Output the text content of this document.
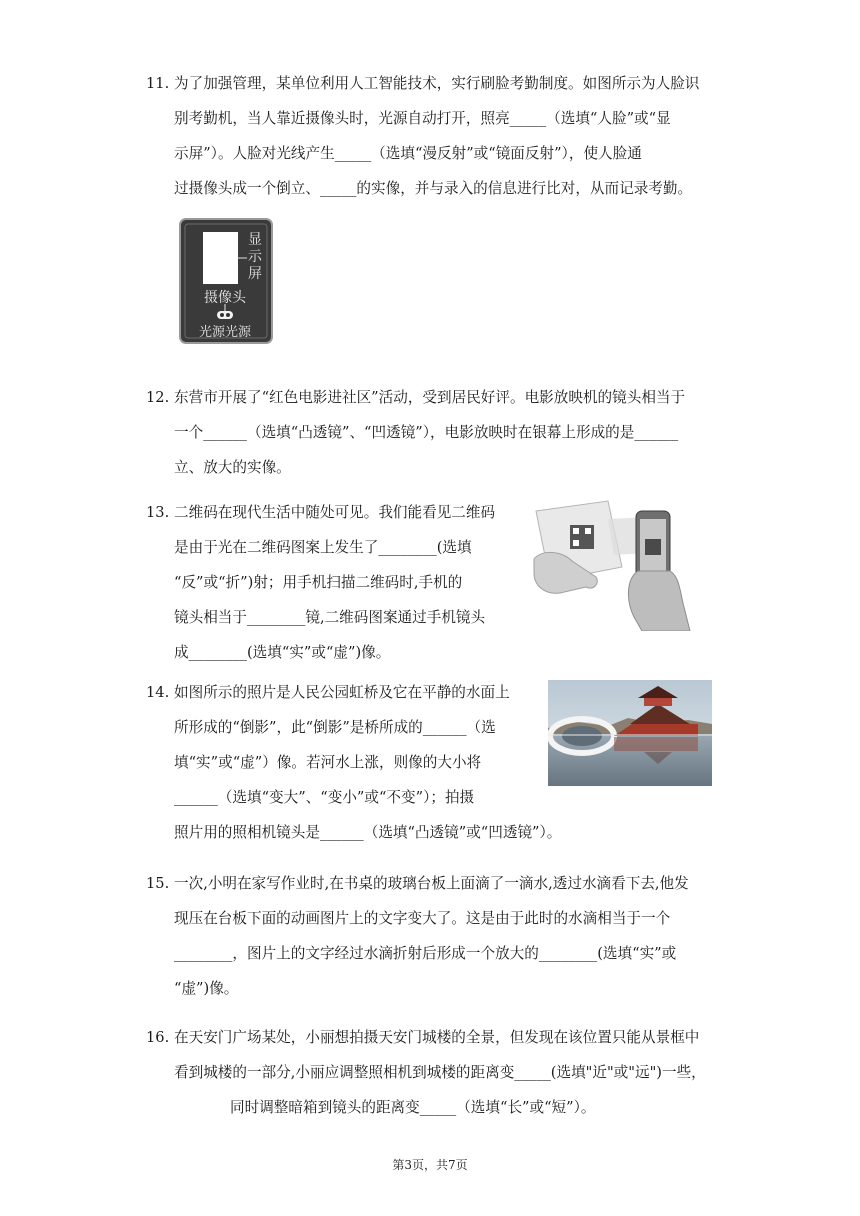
11. 为了加强管理，某单位利用人工智能技术，实行刷脸考勤制度。如图所示为人脸识
别考勤机，当人靠近摄像头时，光源自动打开，照亮_____（选填“人脸”或“显
示屏”）。人脸对光线产生_____（选填“漫反射”或“镜面反射”），使人脸通
过摄像头成一个倒立、_____的实像，并与录入的信息进行比对，从而记录考勤。
显
示
屏
摄像头
光源光源
12. 东营市开展了“红色电影进社区”活动，受到居民好评。电影放映机的镜头相当于
一个______（选填“凸透镜”、“凹透镜”），电影放映时在银幕上形成的是______
立、放大的实像。
13. 二维码在现代生活中随处可见。我们能看见二维码
是由于光在二维码图案上发生了________(选填
“反”或“折”)射；用手机扫描二维码时,手机的
镜头相当于________镜,二维码图案通过手机镜头
成________(选填“实”或“虚”)像。
14. 如图所示的照片是人民公园虹桥及它在平静的水面上
所形成的“倒影”，此“倒影”是桥所成的______（选
填“实”或“虚”）像。若河水上涨，则像的大小将
______（选填“变大”、“变小”或“不变”）；拍摄
照片用的照相机镜头是______（选填“凸透镜”或“凹透镜”）。
15. 一次,小明在家写作业时,在书桌的玻璃台板上面滴了一滴水,透过水滴看下去,他发
现压在台板下面的动画图片上的文字变大了。这是由于此时的水滴相当于一个
________，图片上的文字经过水滴折射后形成一个放大的________(选填“实”或
“虚”)像。
16. 在天安门广场某处，小丽想拍摄天安门城楼的全景，但发现在该位置只能从景框中
看到城楼的一部分,小丽应调整照相机到城楼的距离变_____(选填"近"或"远")一些，
同时调整暗箱到镜头的距离变_____（选填“长”或“短”）。
第3页，共7页
